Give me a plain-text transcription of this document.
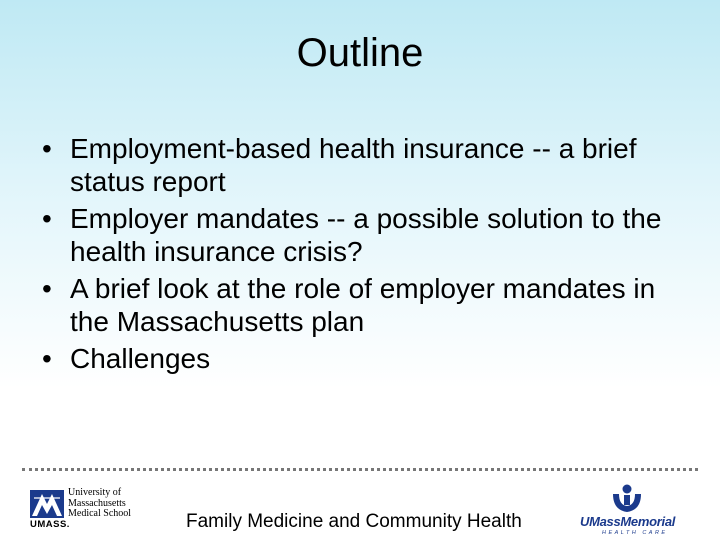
Outline
• Employment-based health insurance -- a brief status report
• Employer mandates -- a possible solution to the health insurance crisis?
• A brief look at the role of employer mandates in the Massachusetts plan
• Challenges
UMASS.
University of
Massachusetts
Medical School	Family Medicine and Community Health	UMassMemorial
HEALTH CARE
